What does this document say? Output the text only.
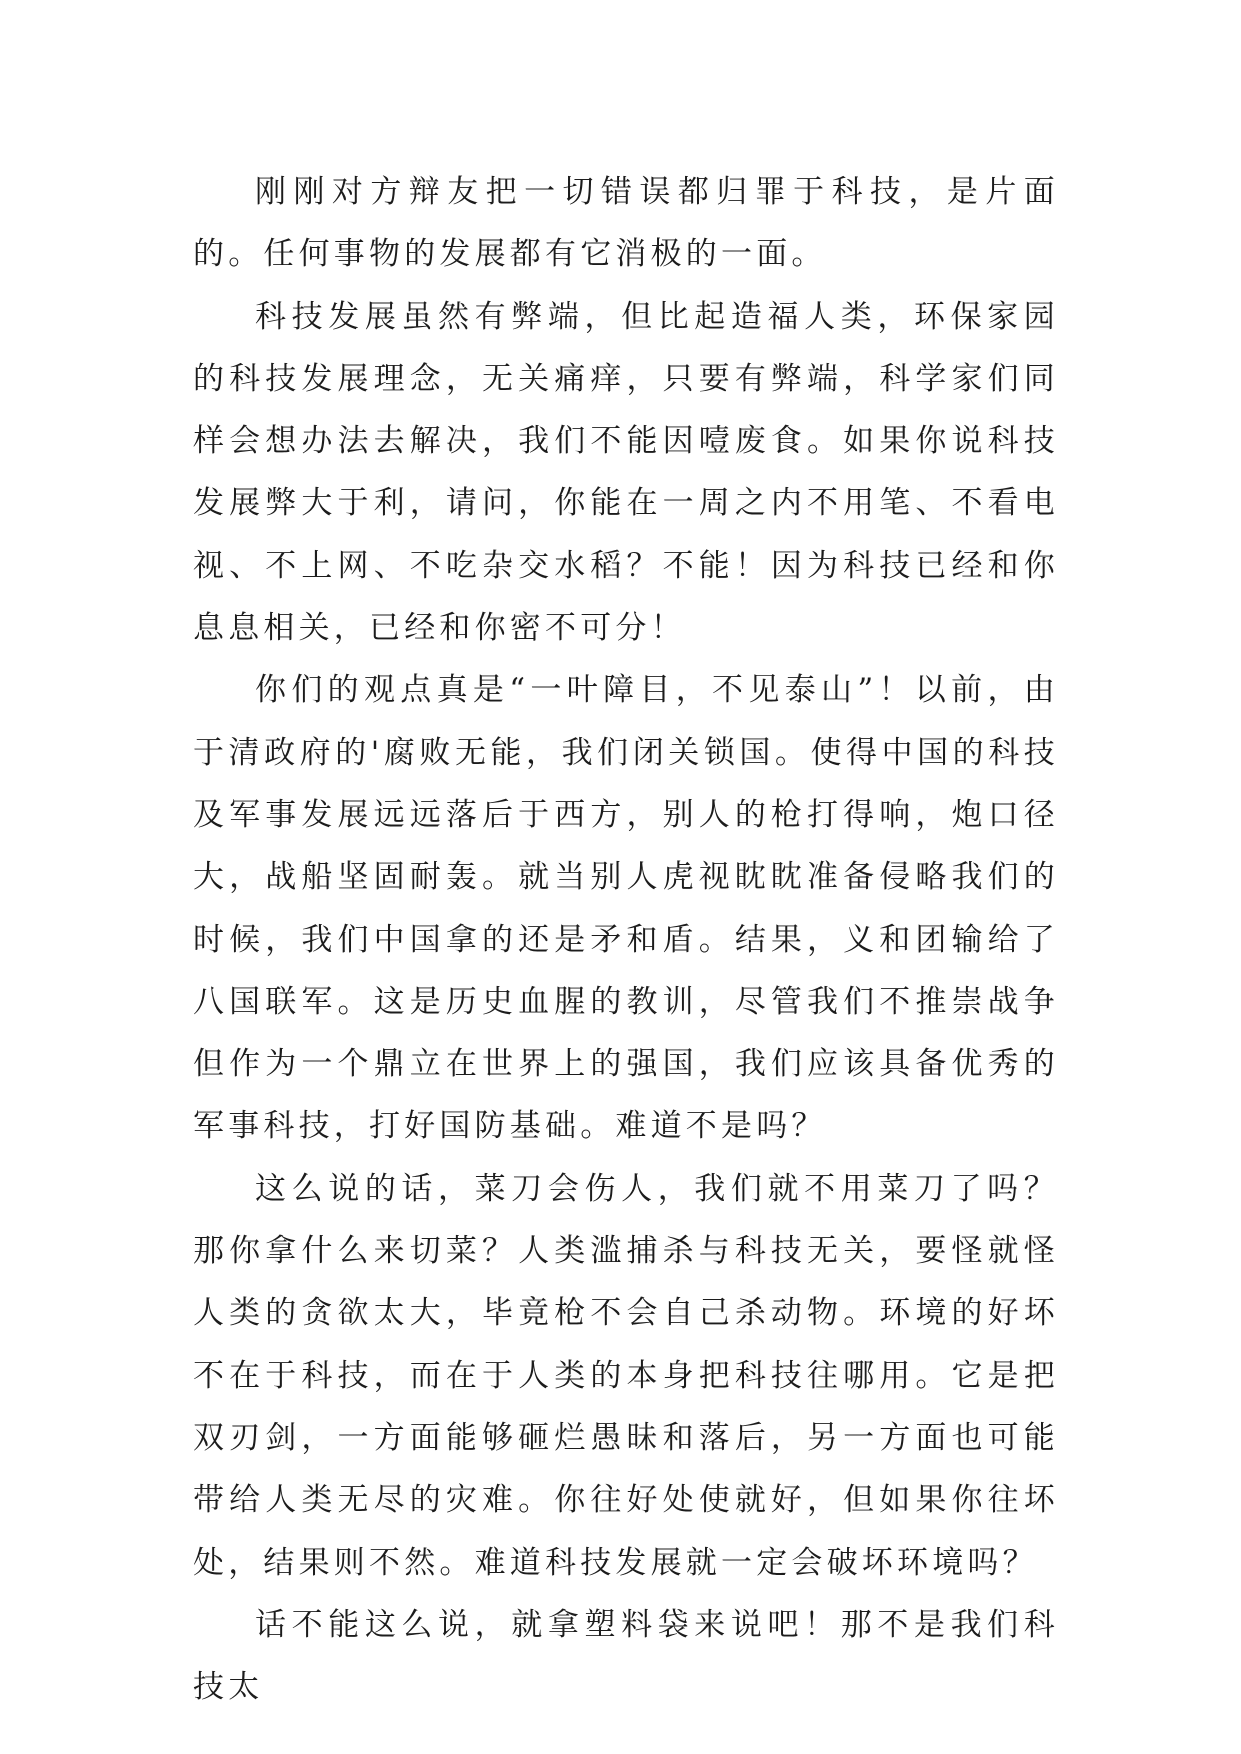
刚刚对方辩友把一切错误都归罪于科技，是片面的。任何事物的发展都有它消极的一面。

科技发展虽然有弊端，但比起造福人类，环保家园的科技发展理念，无关痛痒，只要有弊端，科学家们同样会想办法去解决，我们不能因噎废食。如果你说科技发展弊大于利，请问，你能在一周之内不用笔、不看电视、不上网、不吃杂交水稻？不能！因为科技已经和你息息相关，已经和你密不可分！

你们的观点真是“一叶障目，不见泰山”！以前，由于清政府的'腐败无能，我们闭关锁国。使得中国的科技及军事发展远远落后于西方，别人的枪打得响，炮口径大，战船坚固耐轰。就当别人虎视眈眈准备侵略我们的时候，我们中国拿的还是矛和盾。结果，义和团输给了八国联军。这是历史血腥的教训，尽管我们不推崇战争但作为一个鼎立在世界上的强国，我们应该具备优秀的军事科技，打好国防基础。难道不是吗？

这么说的话，菜刀会伤人，我们就不用菜刀了吗？那你拿什么来切菜？人类滥捕杀与科技无关，要怪就怪人类的贪欲太大，毕竟枪不会自己杀动物。环境的好坏不在于科技，而在于人类的本身把科技往哪用。它是把双刃剑，一方面能够砸烂愚昧和落后，另一方面也可能带给人类无尽的灾难。你往好处使就好，但如果你往坏处，结果则不然。难道科技发展就一定会破坏环境吗？

话不能这么说，就拿塑料袋来说吧！那不是我们科技太
